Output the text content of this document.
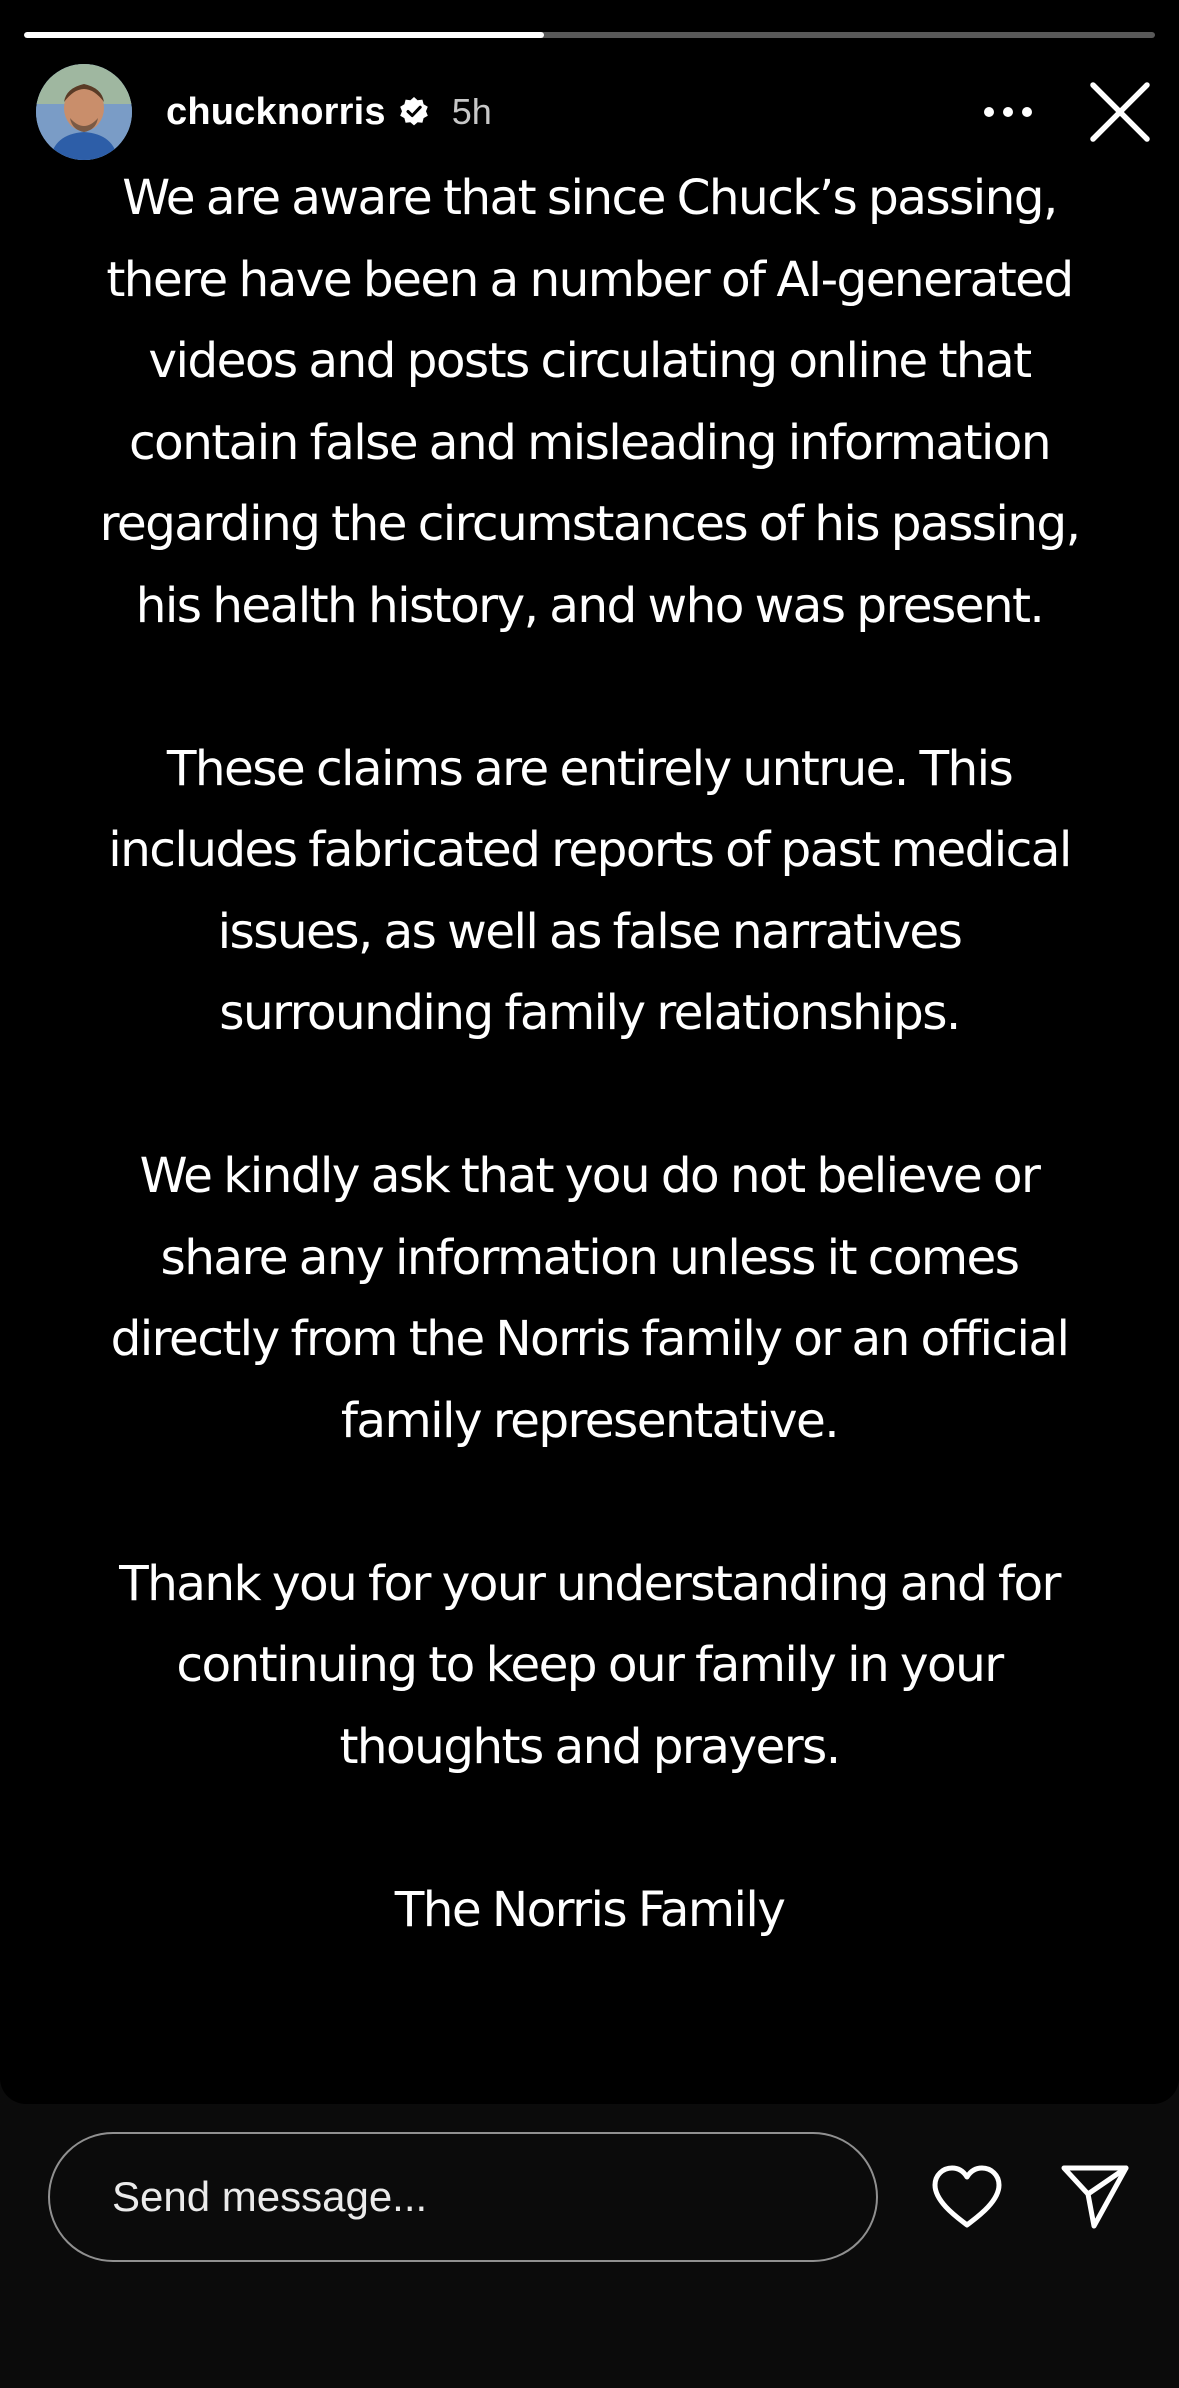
chucknorris 5h
We are aware that since Chuck’s passing,
there have been a number of AI-generated
videos and posts circulating online that
contain false and misleading information
regarding the circumstances of his passing,
his health history, and who was present.
These claims are entirely untrue. This
includes fabricated reports of past medical
issues, as well as false narratives
surrounding family relationships.
We kindly ask that you do not believe or
share any information unless it comes
directly from the Norris family or an official
family representative.
Thank you for your understanding and for
continuing to keep our family in your
thoughts and prayers.
The Norris Family
Send message...
